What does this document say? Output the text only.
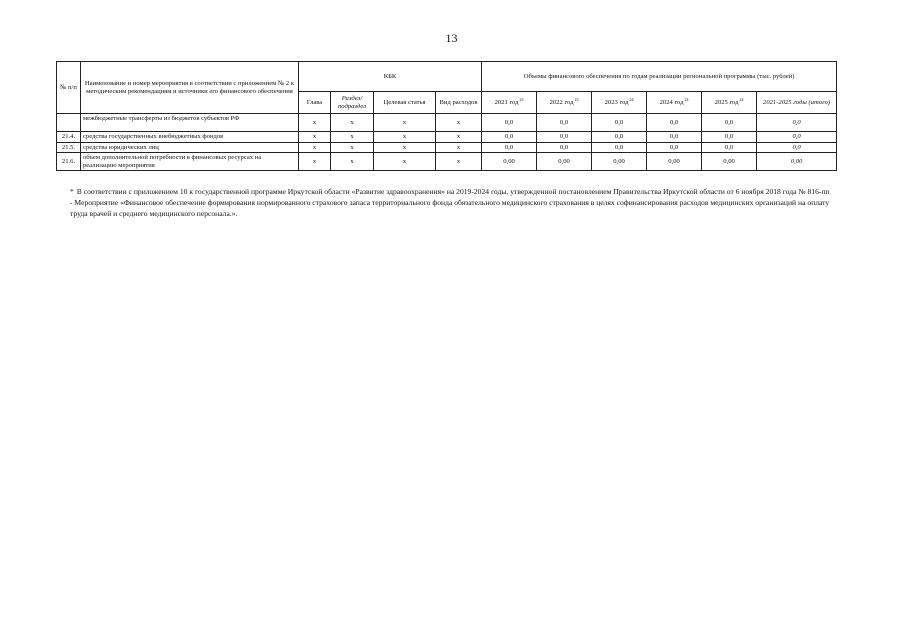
13
№ п/п	Наименование и номер мероприятия в соответствии с приложением № 2 к методическим рекомендациям и источники его финансового обеспечения	КБК				Объемы финансового обеспечения по годам реализации региональной программы (тыс. рублей)					
		Глава	Раздел/ подраздел	Целевая статья	Вид расходов	2021 год$^{23}$	2022 год$^{23}$	2023 год$^{24}$	2024 год$^{24}$	2025 год$^{24}$	2021-2025 годы (итого)
	межбюджетные трансферты из бюджетов субъектов РФ	х	х	х	х	0,0	0,0	0,0	0,0	0,0	0,0
21.4.	средства государственных внебюджетных фондов	х	х	х	х	0,0	0,0	0,0	0,0	0,0	0,0
21.5.	средства юридических лиц	х	х	х	х	0,0	0,0	0,0	0,0	0,0	0,0
21.6.	объем дополнительной потребности в финансовых ресурсах на реализацию мероприятия	х	х	х	х	0,00	0,00	0,00	0,00	0,00	0,00
* В соответствии с приложением 10 к государственной программе Иркутской области «Развитие здравоохранения» на 2019-2024 годы, утвержденной постановлением Правительства Иркутской области от 6 ноября 2018 года № 816-пп - Мероприятие «Финансовое обеспечение формирования нормированного страхового запаса территориального фонда обязательного медицинского страхования в целях софинансирования расходов медицинских организаций на оплату труда врачей и среднего медицинского персонала.».
